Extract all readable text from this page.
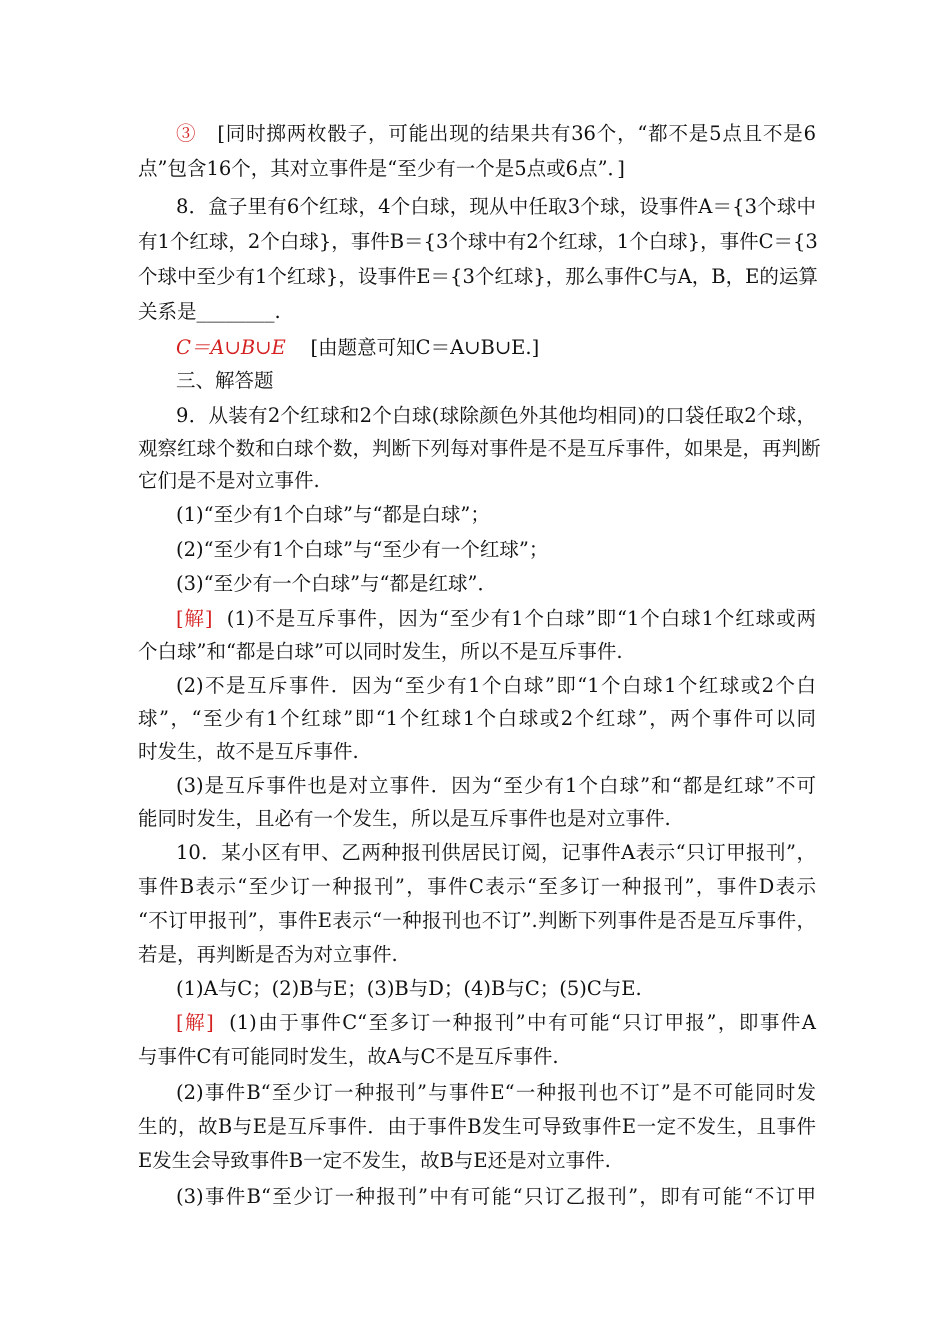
③ [同时掷两枚骰子，可能出现的结果共有36个，“都不是5点且不是6
点”包含16个，其对立事件是“至少有一个是5点或6点”．]
8．盒子里有6个红球，4个白球，现从中任取3个球，设事件A＝{3个球中
有1个红球，2个白球}，事件B＝{3个球中有2个红球，1个白球}，事件C＝{3
个球中至少有1个红球}，设事件E＝{3个红球}，那么事件C与A，B，E的运算
关系是________.
C＝A∪B∪E [由题意可知C＝A∪B∪E.]
三、解答题
9．从装有2个红球和2个白球(球除颜色外其他均相同)的口袋任取2个球，
观察红球个数和白球个数，判断下列每对事件是不是互斥事件，如果是，再判断
它们是不是对立事件.
(1)“至少有1个白球”与“都是白球”；
(2)“至少有1个白球”与“至少有一个红球”；
(3)“至少有一个白球”与“都是红球”．
[解] (1)不是互斥事件，因为“至少有1个白球”即“1个白球1个红球或两
个白球”和“都是白球”可以同时发生，所以不是互斥事件.
(2)不是互斥事件．因为“至少有1个白球”即“1个白球1个红球或2个白
球”，“至少有1个红球”即“1个红球1个白球或2个红球”，两个事件可以同
时发生，故不是互斥事件.
(3)是互斥事件也是对立事件．因为“至少有1个白球”和“都是红球”不可
能同时发生，且必有一个发生，所以是互斥事件也是对立事件.
10．某小区有甲、乙两种报刊供居民订阅，记事件A表示“只订甲报刊”，
事件B表示“至少订一种报刊”，事件C表示“至多订一种报刊”，事件D表示
“不订甲报刊”，事件E表示“一种报刊也不订”.判断下列事件是否是互斥事件，
若是，再判断是否为对立事件.
(1)A与C；(2)B与E；(3)B与D；(4)B与C；(5)C与E.
[解] (1)由于事件C“至多订一种报刊”中有可能“只订甲报”，即事件A
与事件C有可能同时发生，故A与C不是互斥事件.
(2)事件B“至少订一种报刊”与事件E“一种报刊也不订”是不可能同时发
生的，故B与E是互斥事件．由于事件B发生可导致事件E一定不发生，且事件
E发生会导致事件B一定不发生，故B与E还是对立事件.
(3)事件B“至少订一种报刊”中有可能“只订乙报刊”，即有可能“不订甲
